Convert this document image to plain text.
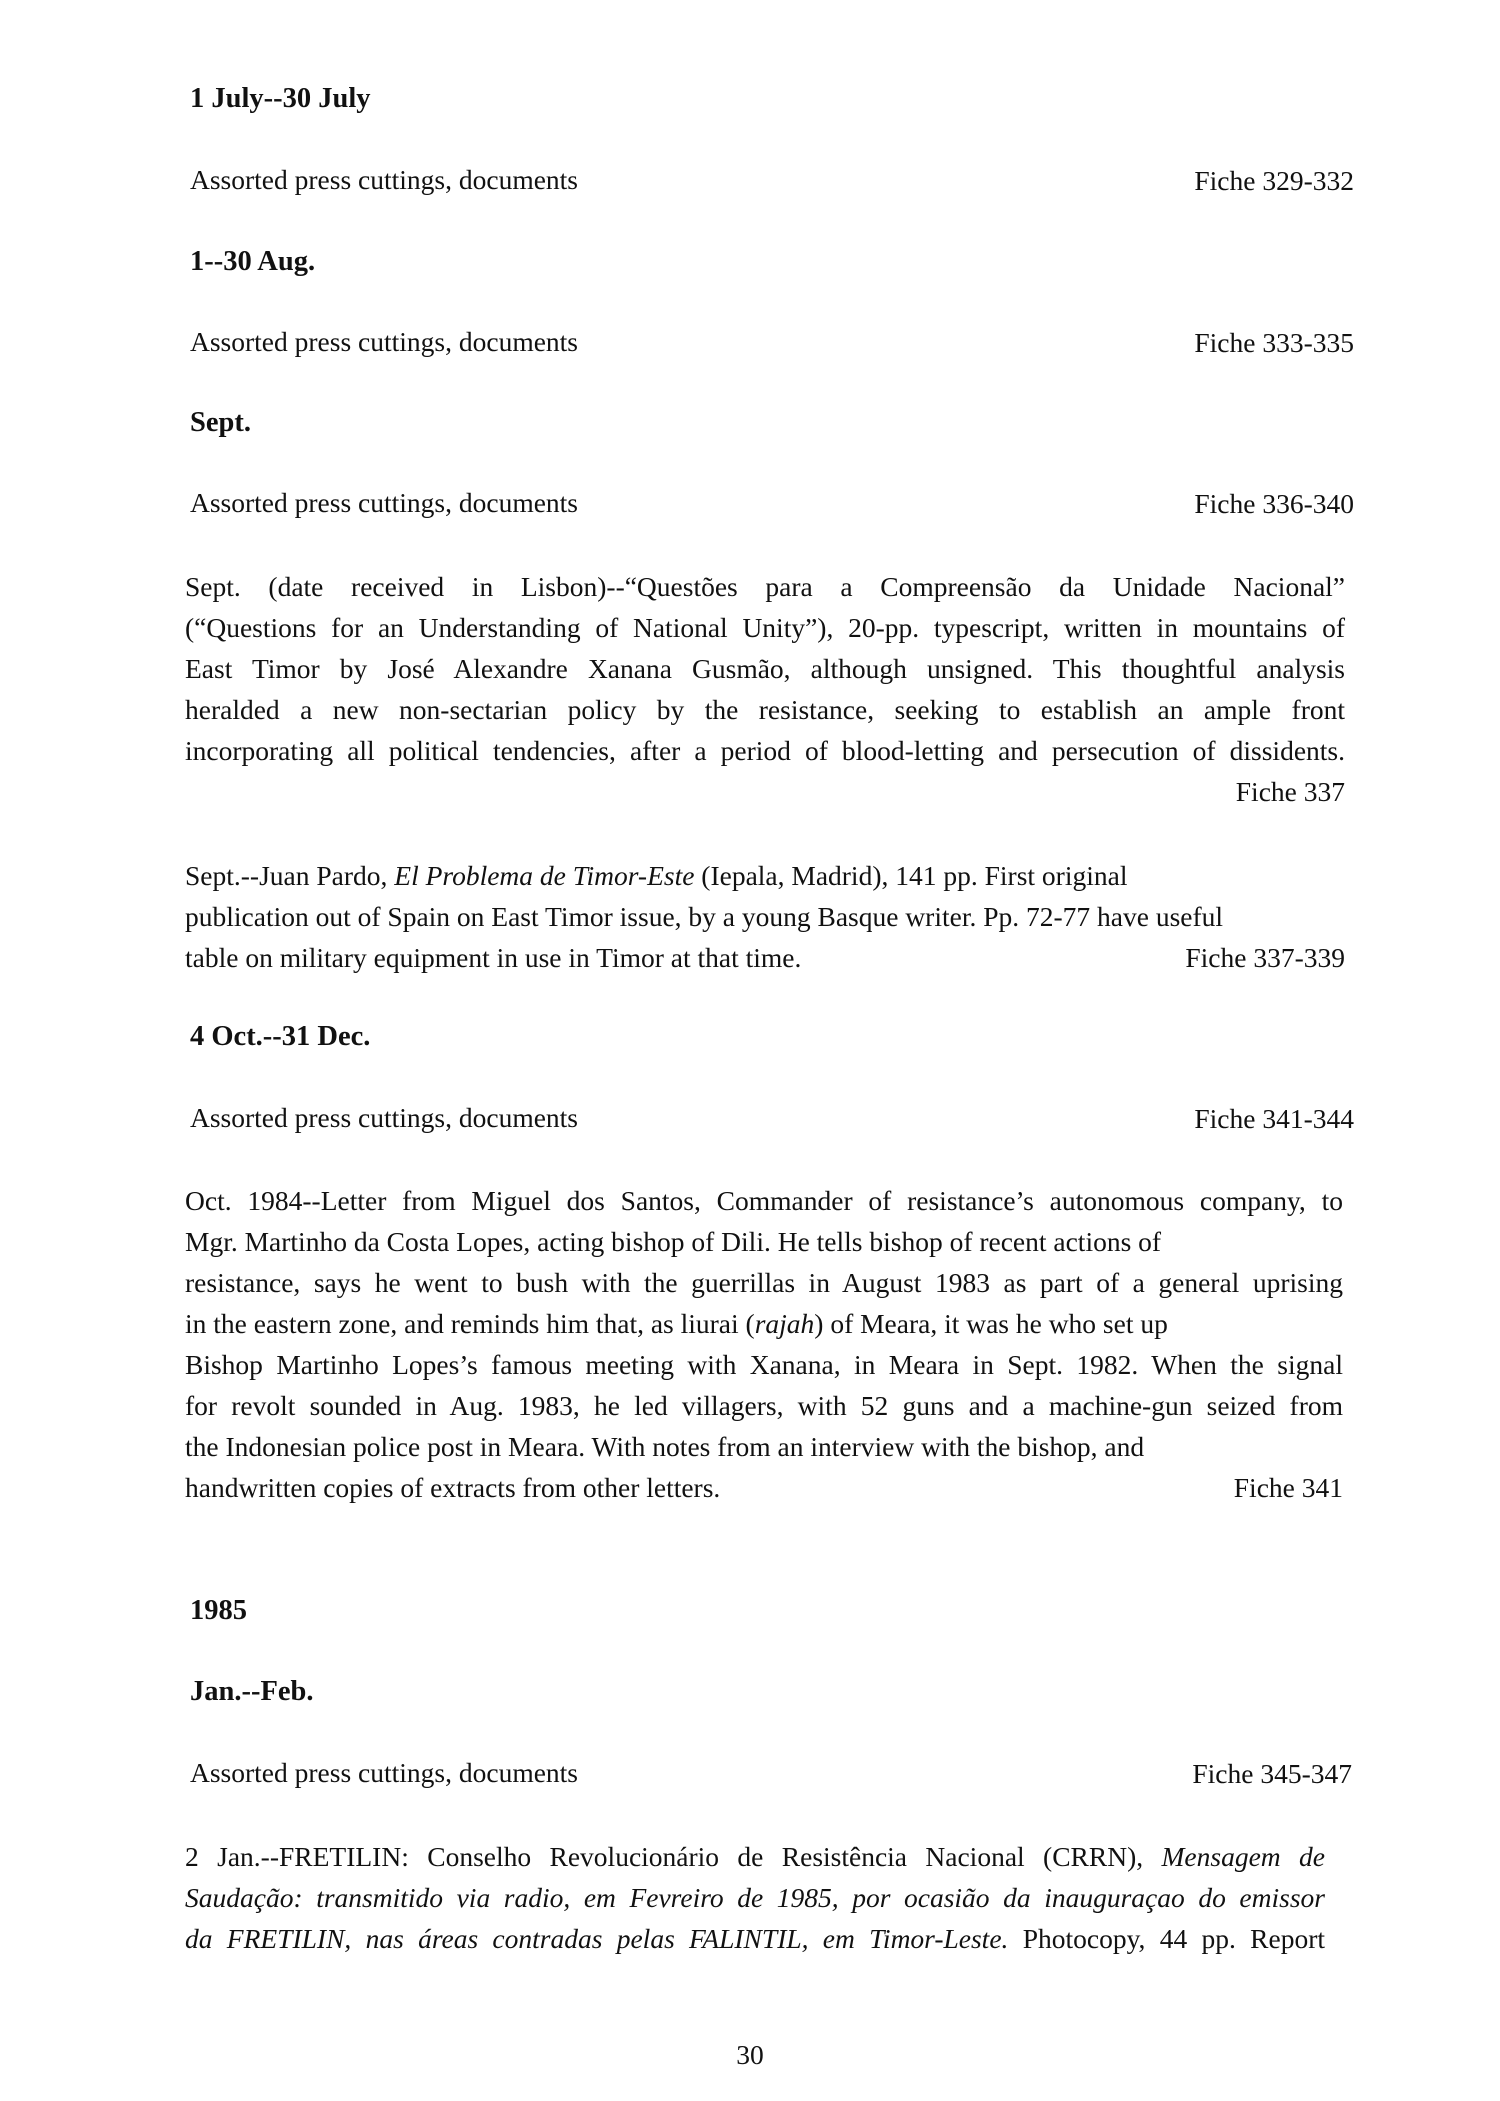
1 July--30 July
Assorted press cuttings, documents	Fiche 329-332
1--30 Aug.
Assorted press cuttings, documents	Fiche 333-335
Sept.
Assorted press cuttings, documents	Fiche 336-340
Sept. (date received in Lisbon)--“Questões para a Compreensão da Unidade Nacional”
(“Questions for an Understanding of National Unity”), 20-pp. typescript, written in mountains of
East Timor by José Alexandre Xanana Gusmão, although unsigned. This thoughtful analysis
heralded a new non-sectarian policy by the resistance, seeking to establish an ample front
incorporating all political tendencies, after a period of blood-letting and persecution of dissidents.
Fiche 337
Sept.--Juan Pardo, El Problema de Timor-Este (Iepala, Madrid), 141 pp. First original
publication out of Spain on East Timor issue, by a young Basque writer. Pp. 72-77 have useful
table on military equipment in use in Timor at that time.	Fiche 337-339
4 Oct.--31 Dec.
Assorted press cuttings, documents	Fiche 341-344
Oct. 1984--Letter from Miguel dos Santos, Commander of resistance’s autonomous company, to
Mgr. Martinho da Costa Lopes, acting bishop of Dili. He tells bishop of recent actions of
resistance, says he went to bush with the guerrillas in August 1983 as part of a general uprising
in the eastern zone, and reminds him that, as liurai (rajah) of Meara, it was he who set up
Bishop Martinho Lopes’s famous meeting with Xanana, in Meara in Sept. 1982. When the signal
for revolt sounded in Aug. 1983, he led villagers, with 52 guns and a machine-gun seized from
the Indonesian police post in Meara. With notes from an interview with the bishop, and
handwritten copies of extracts from other letters.	Fiche 341
1985
Jan.--Feb.
Assorted press cuttings, documents	Fiche 345-347
2 Jan.--FRETILIN: Conselho Revolucionário de Resistência Nacional (CRRN), Mensagem de
Saudação: transmitido via radio, em Fevreiro de 1985, por ocasião da inauguraçao do emissor
da FRETILIN, nas áreas contradas pelas FALINTIL, em Timor-Leste. Photocopy, 44 pp. Report
30
